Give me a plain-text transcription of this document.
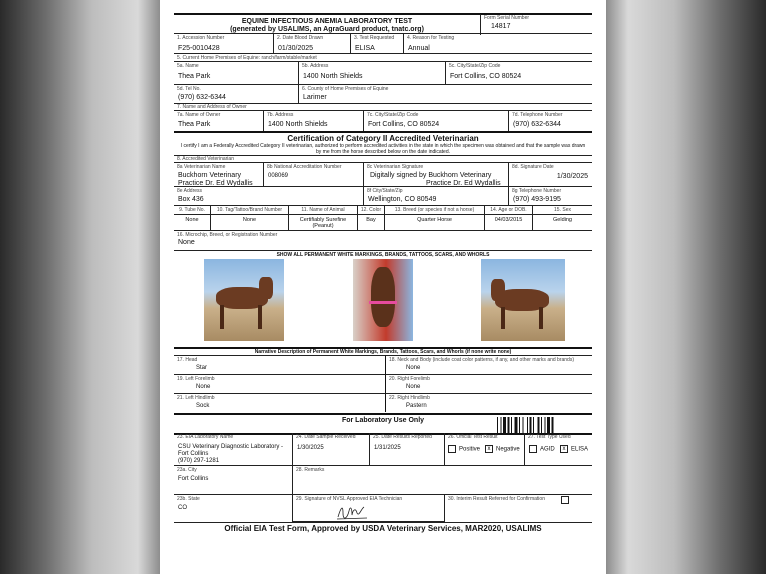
EQUINE INFECTIOUS ANEMIA LABORATORY TEST
(generated by USALIMS, an AgraGuard product, tnatc.org)
Form Serial Number
14817
1. Accession Number
F25-0010428
2. Date Blood Drawn
01/30/2025
3. Test Requested
ELISA
4. Reason for Testing
Annual
5. Current Home Premises of Equine: ranch/farm/stable/market
5a. Name
Thea Park
5b. Address
1400 North Shields
5c. City/State/Zip Code
Fort Collins, CO 80524
5d. Tel No.
(970) 632-6344
6. County of Home Premises of Equine
Larimer
7. Name and Address of Owner
7a. Name of Owner
Thea Park
7b. Address
1400 North Shields
7c. City/State/Zip Code
Fort Collins, CO 80524
7d. Telephone Number
(970) 632-6344
Certification of Category II Accredited Veterinarian
I certify I am a Federally Accredited Category II veterinarian, authorized to perform accredited activities in the state in which the specimen was obtained and that the sample was drawn by me from the horse described below on the date indicated.
8. Accredited Veterinarian
8a Veterinarian Name
Buckhorn Veterinary
Practice Dr. Ed Wydallis
8b National Accreditation Number
008069
8c Veterinarian Signature
Digitally signed by Buckhorn Veterinary
Practice Dr. Ed Wydallis
8d. Signature Date
1/30/2025
8e Address
Box 436
8f City/State/Zip
Wellington, CO 80549
8g Telephone Number
(970) 493-9195
9. Tube No.
None
10. Tag/Tattoo/Brand Number
None
11. Name of Animal
Certifiably Surefine
(Peanut)
12. Color
Bay
13. Breed (or species if not a horse)
Quarter Horse
14. Age or DOB.
04/03/2015
15. Sex
Gelding
16. Microchip, Breed, or Registration Number
None
SHOW ALL PERMANENT WHITE MARKINGS, BRANDS, TATTOOS, SCARS, AND WHORLS
Narrative Description of Permanent White Markings, Brands, Tattoos, Scars, and Whorls (if none write none)
17. Head
Star
18. Neck and Body (include coat color patterns, if any, and other marks and brands)
None
19. Left Forelimb
None
20. Right Forelimb
None
21. Left Hindlimb
Sock
22. Right Hindlimb
Pastern
For Laboratory Use Only
23. EIA Laboratory Name
CSU Veterinary Diagnostic Laboratory -
Fort Collins
(970) 297-1281
24. Date Sample Received
1/30/2025
25. Date Results Reported
1/31/2025
26. Official Test Result
Positive	x Negative
27. Test Type Used
AGID	x ELISA
23a. City
Fort Collins
28. Remarks
23b. State
CO
29. Signature of NVSL Approved EIA Technician	30. Interim Result Referred for Confirmation
Official EIA Test Form, Approved by USDA Veterinary Services, MAR2020, USALIMS
